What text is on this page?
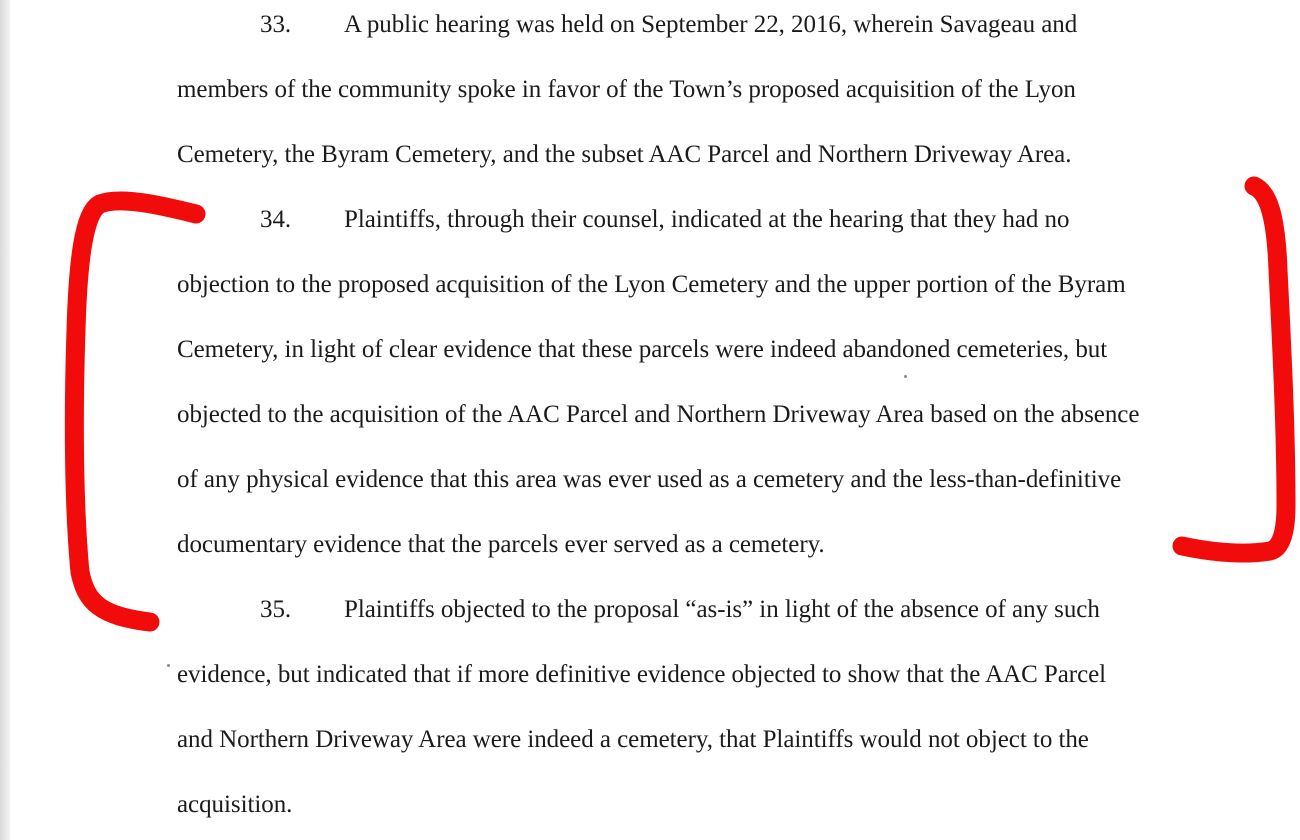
33. A public hearing was held on September 22, 2016, wherein Savageau and
members of the community spoke in favor of the Town’s proposed acquisition of the Lyon
Cemetery, the Byram Cemetery, and the subset AAC Parcel and Northern Driveway Area.
34. Plaintiffs, through their counsel, indicated at the hearing that they had no
objection to the proposed acquisition of the Lyon Cemetery and the upper portion of the Byram
Cemetery, in light of clear evidence that these parcels were indeed abandoned cemeteries, but
objected to the acquisition of the AAC Parcel and Northern Driveway Area based on the absence
of any physical evidence that this area was ever used as a cemetery and the less-than-definitive
documentary evidence that the parcels ever served as a cemetery.
35. Plaintiffs objected to the proposal “as-is” in light of the absence of any such
evidence, but indicated that if more definitive evidence objected to show that the AAC Parcel
and Northern Driveway Area were indeed a cemetery, that Plaintiffs would not object to the
acquisition.
